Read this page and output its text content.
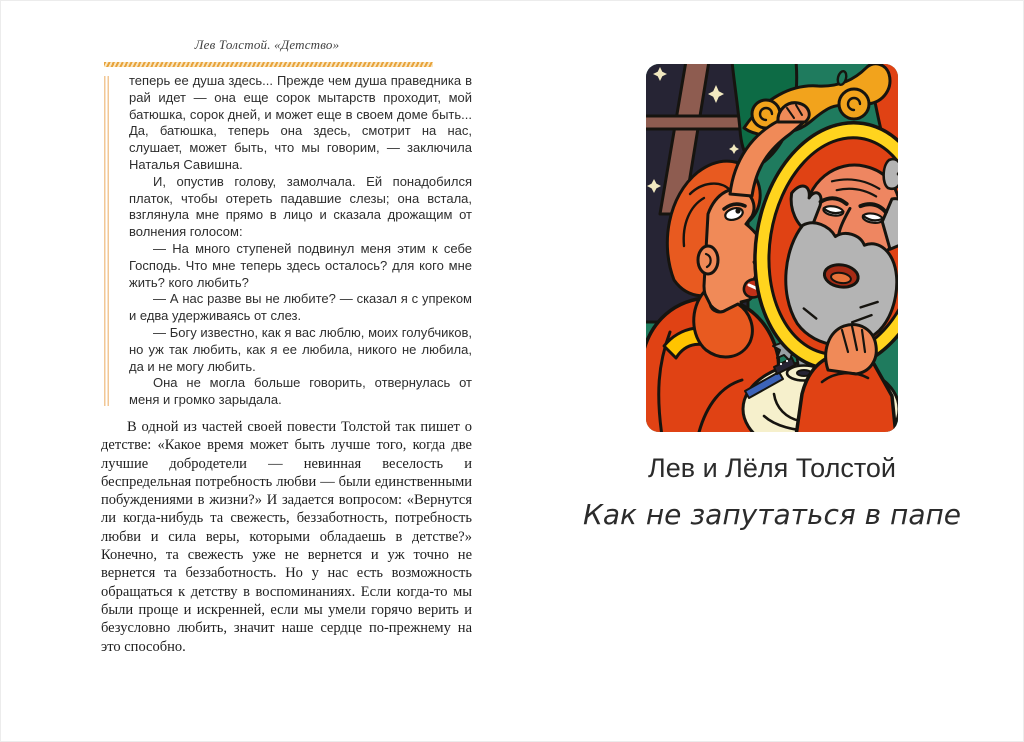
Лев Толстой. «Детство»

теперь ее душа здесь... Прежде чем душа праведника в рай идет — она еще сорок мытарств проходит, мой батюшка, сорок дней, и может еще в своем доме быть... Да, батюшка, теперь она здесь, смотрит на нас, слушает, может быть, что мы говорим, — заключила Наталья Савишна.

И, опустив голову, замолчала. Ей понадобился платок, чтобы отереть падавшие слезы; она встала, взглянула мне прямо в лицо и сказала дрожащим от волнения голосом:

— На много ступеней подвинул меня этим к себе Господь. Что мне теперь здесь осталось? для кого мне жить? кого любить?

— А нас разве вы не любите? — сказал я с упреком и едва удерживаясь от слез.

— Богу известно, как я вас люблю, моих голубчиков, но уж так любить, как я ее любила, никого не любила, да и не могу любить.

Она не могла больше говорить, отвернулась от меня и громко зарыдала.

В одной из частей своей повести Толстой так пишет о детстве: «Какое время может быть лучше того, когда две лучшие добродетели — невинная веселость и беспредельная потребность любви — были единственными побуждениями в жизни?» И задается вопросом: «Вернутся ли когда-нибудь та свежесть, беззаботность, потребность любви и сила веры, которыми обладаешь в детстве?» Конечно, та свежесть уже не вернется и уж точно не вернется та беззаботность. Но у нас есть возможность обращаться к детству в воспоминаниях. Если когда-то мы были проще и искренней, если мы умели горячо верить и безусловно любить, значит наше сердце по-прежнему на это способно.

Лев и Лёля Толстой
Как не запутаться в папе
